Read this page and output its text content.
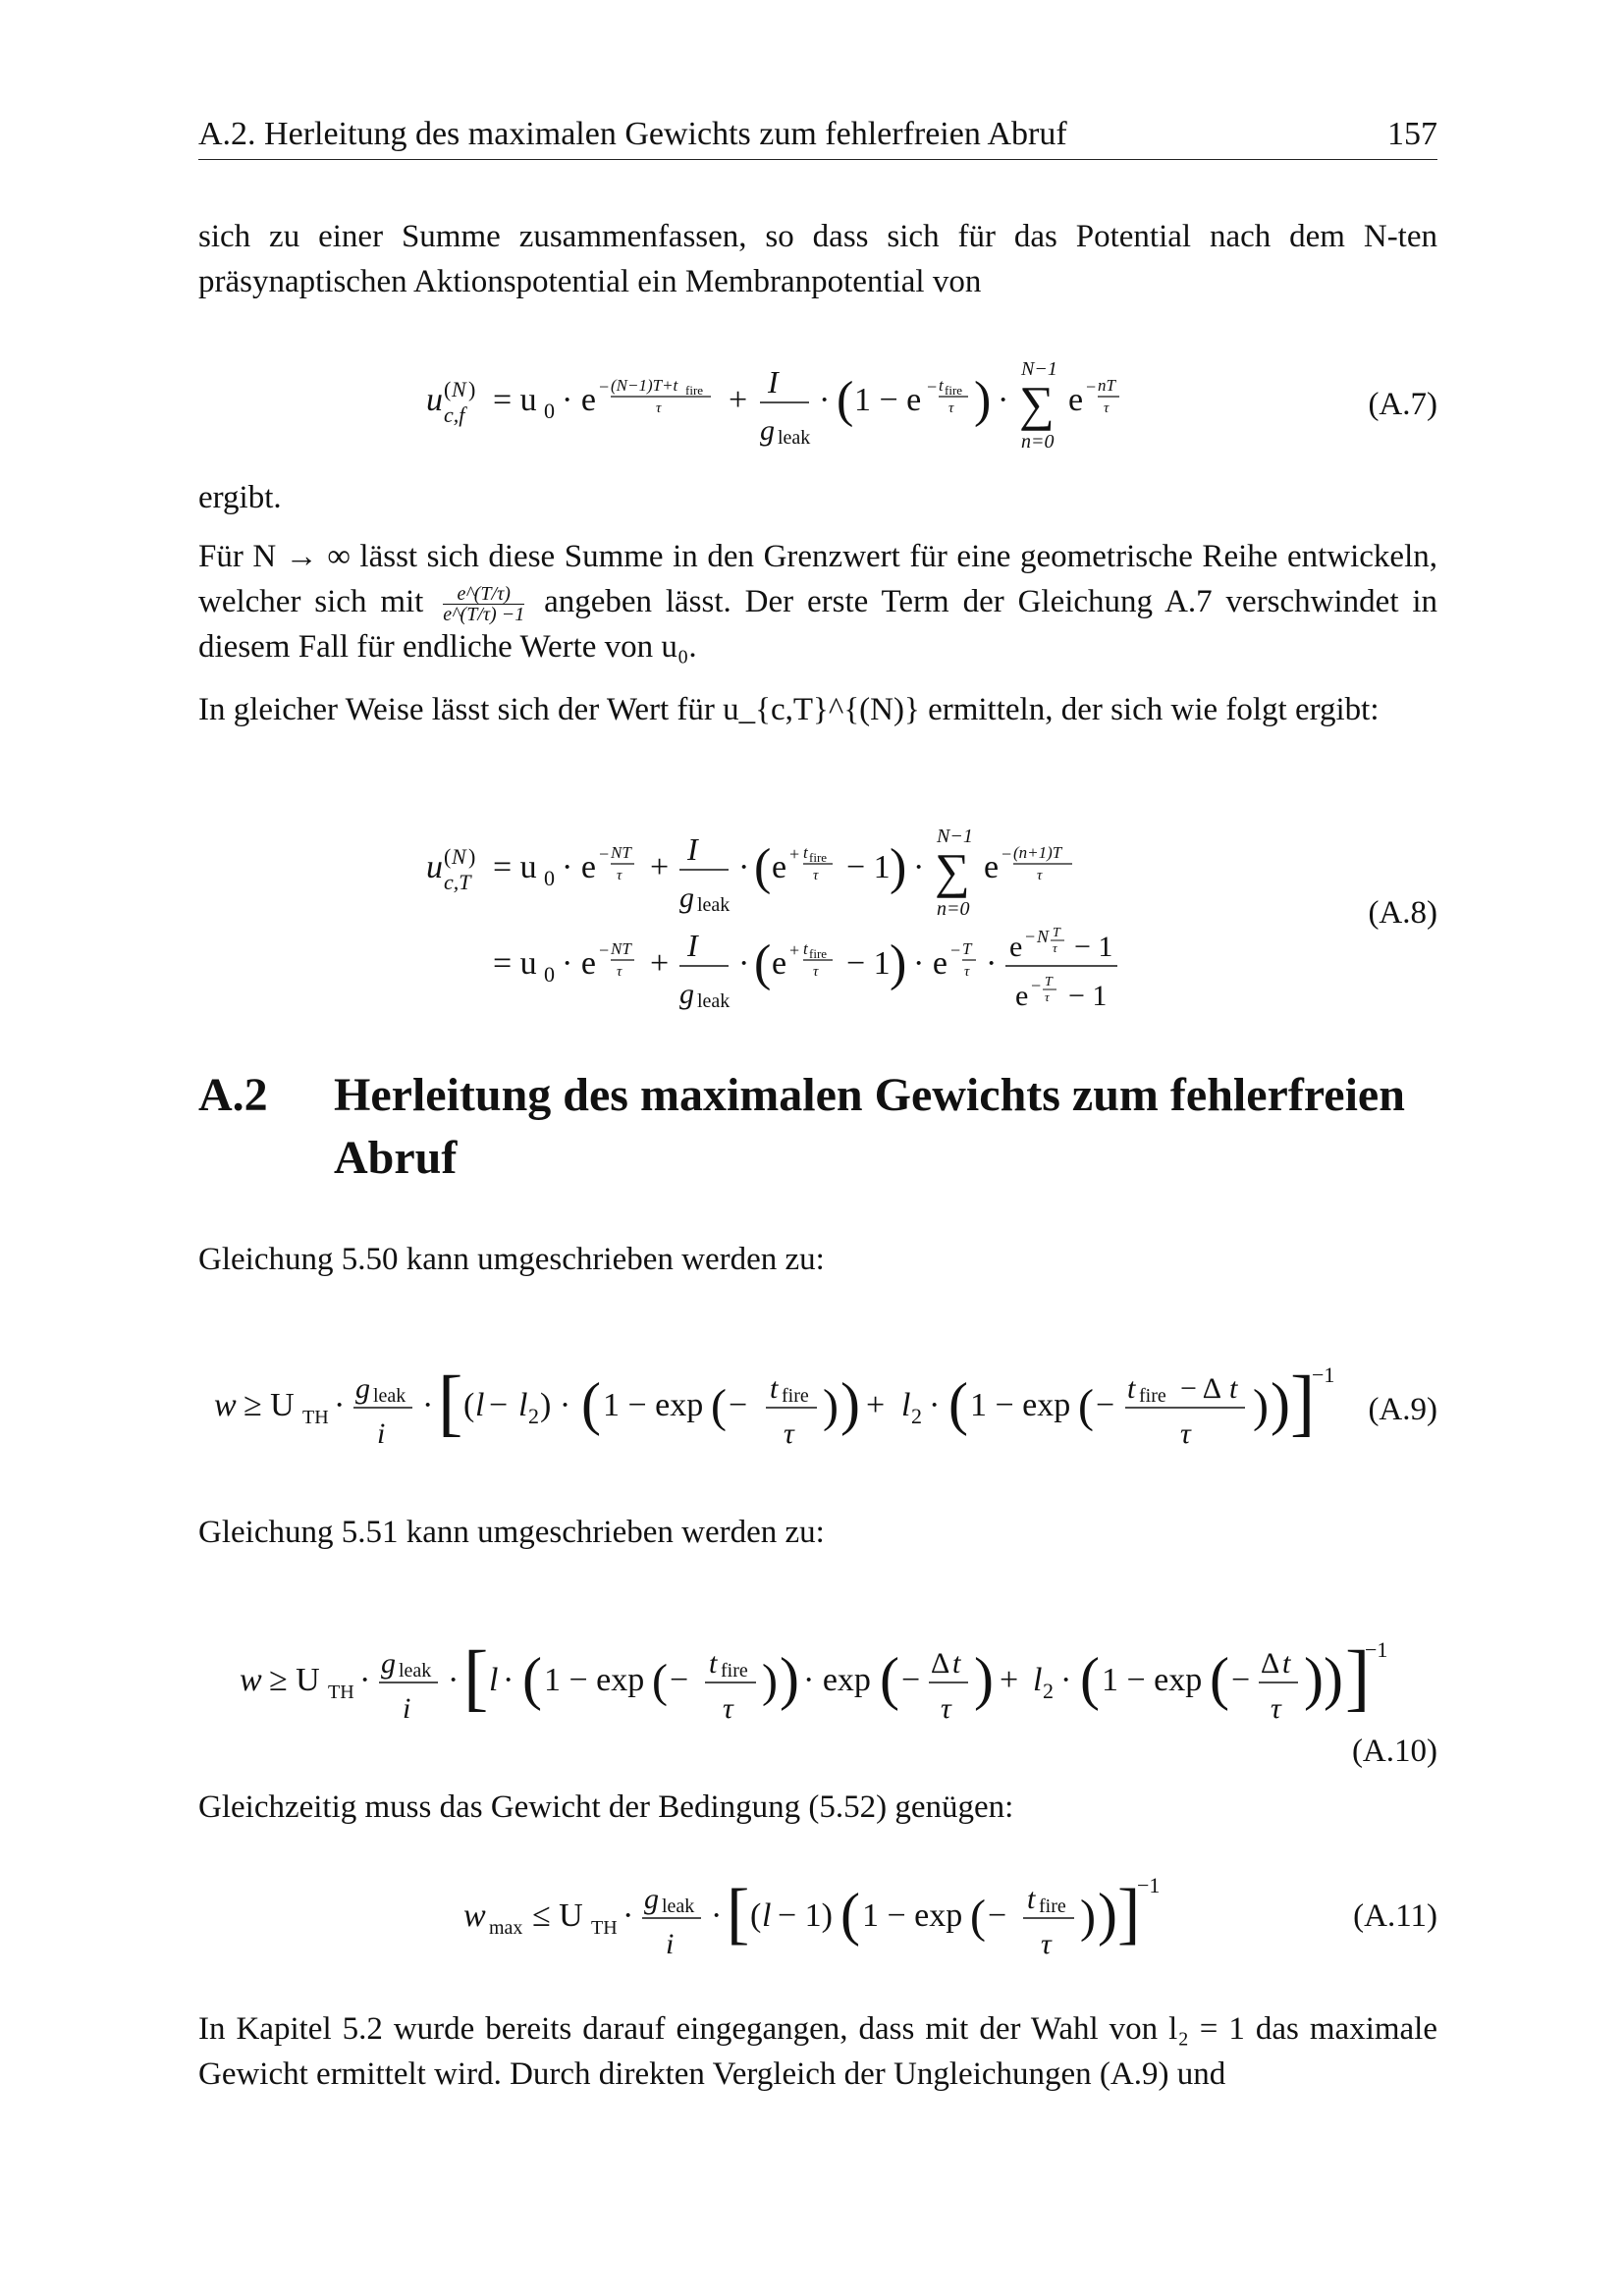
A.2. Herleitung des maximalen Gewichts zum fehlerfreien Abruf	157
sich zu einer Summe zusammenfassen, so dass sich für das Potential nach dem N-ten präsynaptischen Aktionspotential ein Membranpotential von
u ( N )
c,f = u 0 · e − (N−1)T+t fire
τ + I
g leak
· ( 1 − e − t fire
τ ) ·
N−1
∑
n=0
e − nT
τ	(A.7)
ergibt.
Für N → ∞ lässt sich diese Summe in den Grenzwert für eine geometrische Reihe entwickeln, welcher sich mit $\frac{e\^{}(T/\tau)}{e\^{}(T/\tau) -1}$ angeben lässt. Der erste Term der Gleichung A.7 verschwindet in diesem Fall für endliche Werte von u₀.
In gleicher Weise lässt sich der Wert für u_{c,T}^{(N)} ermitteln, der sich wie folgt ergibt:
u ( N )
c,T = u 0 · e − NT
τ + I
g leak
· ( e + t fire
τ − 1 ) ·
N−1
∑
n=0
e − (n+1)T
τ
= u 0 · e − NT
τ + I
g leak
· ( e + t fire
τ − 1 ) · e − T
τ · e − N T
τ − 1
e − T
τ − 1
(A.8)
A.2 Herleitung des maximalen Gewichts zum fehlerfreien Abruf
Gleichung 5.50 kann umgeschrieben werden zu:
w ≥ U TH · g leak
i
· [ ( l − l 2 ) · ( 1 − exp ( − t fire
τ
) ) + l 2 · ( 1 − exp ( − t fire − Δ t
τ
) ) ]
−1
(A.9)
Gleichung 5.51 kann umgeschrieben werden zu:
w ≥ U TH · g leak
i
· [ l · ( 1 − exp ( − t fire
τ
) ) · exp ( − Δ t
τ ) + l 2 · ( 1 − exp ( − Δ t
τ ) ) ]
−1
(A.10)
Gleichzeitig muss das Gewicht der Bedingung (5.52) genügen:
w max ≤ U TH · g leak
i
· [ ( l − 1) ( 1 − exp ( − t fire
τ
) ) ]
−1
(A.11)
In Kapitel 5.2 wurde bereits darauf eingegangen, dass mit der Wahl von l₂ = 1 das maximale Gewicht ermittelt wird. Durch direkten Vergleich der Ungleichungen (A.9) und
